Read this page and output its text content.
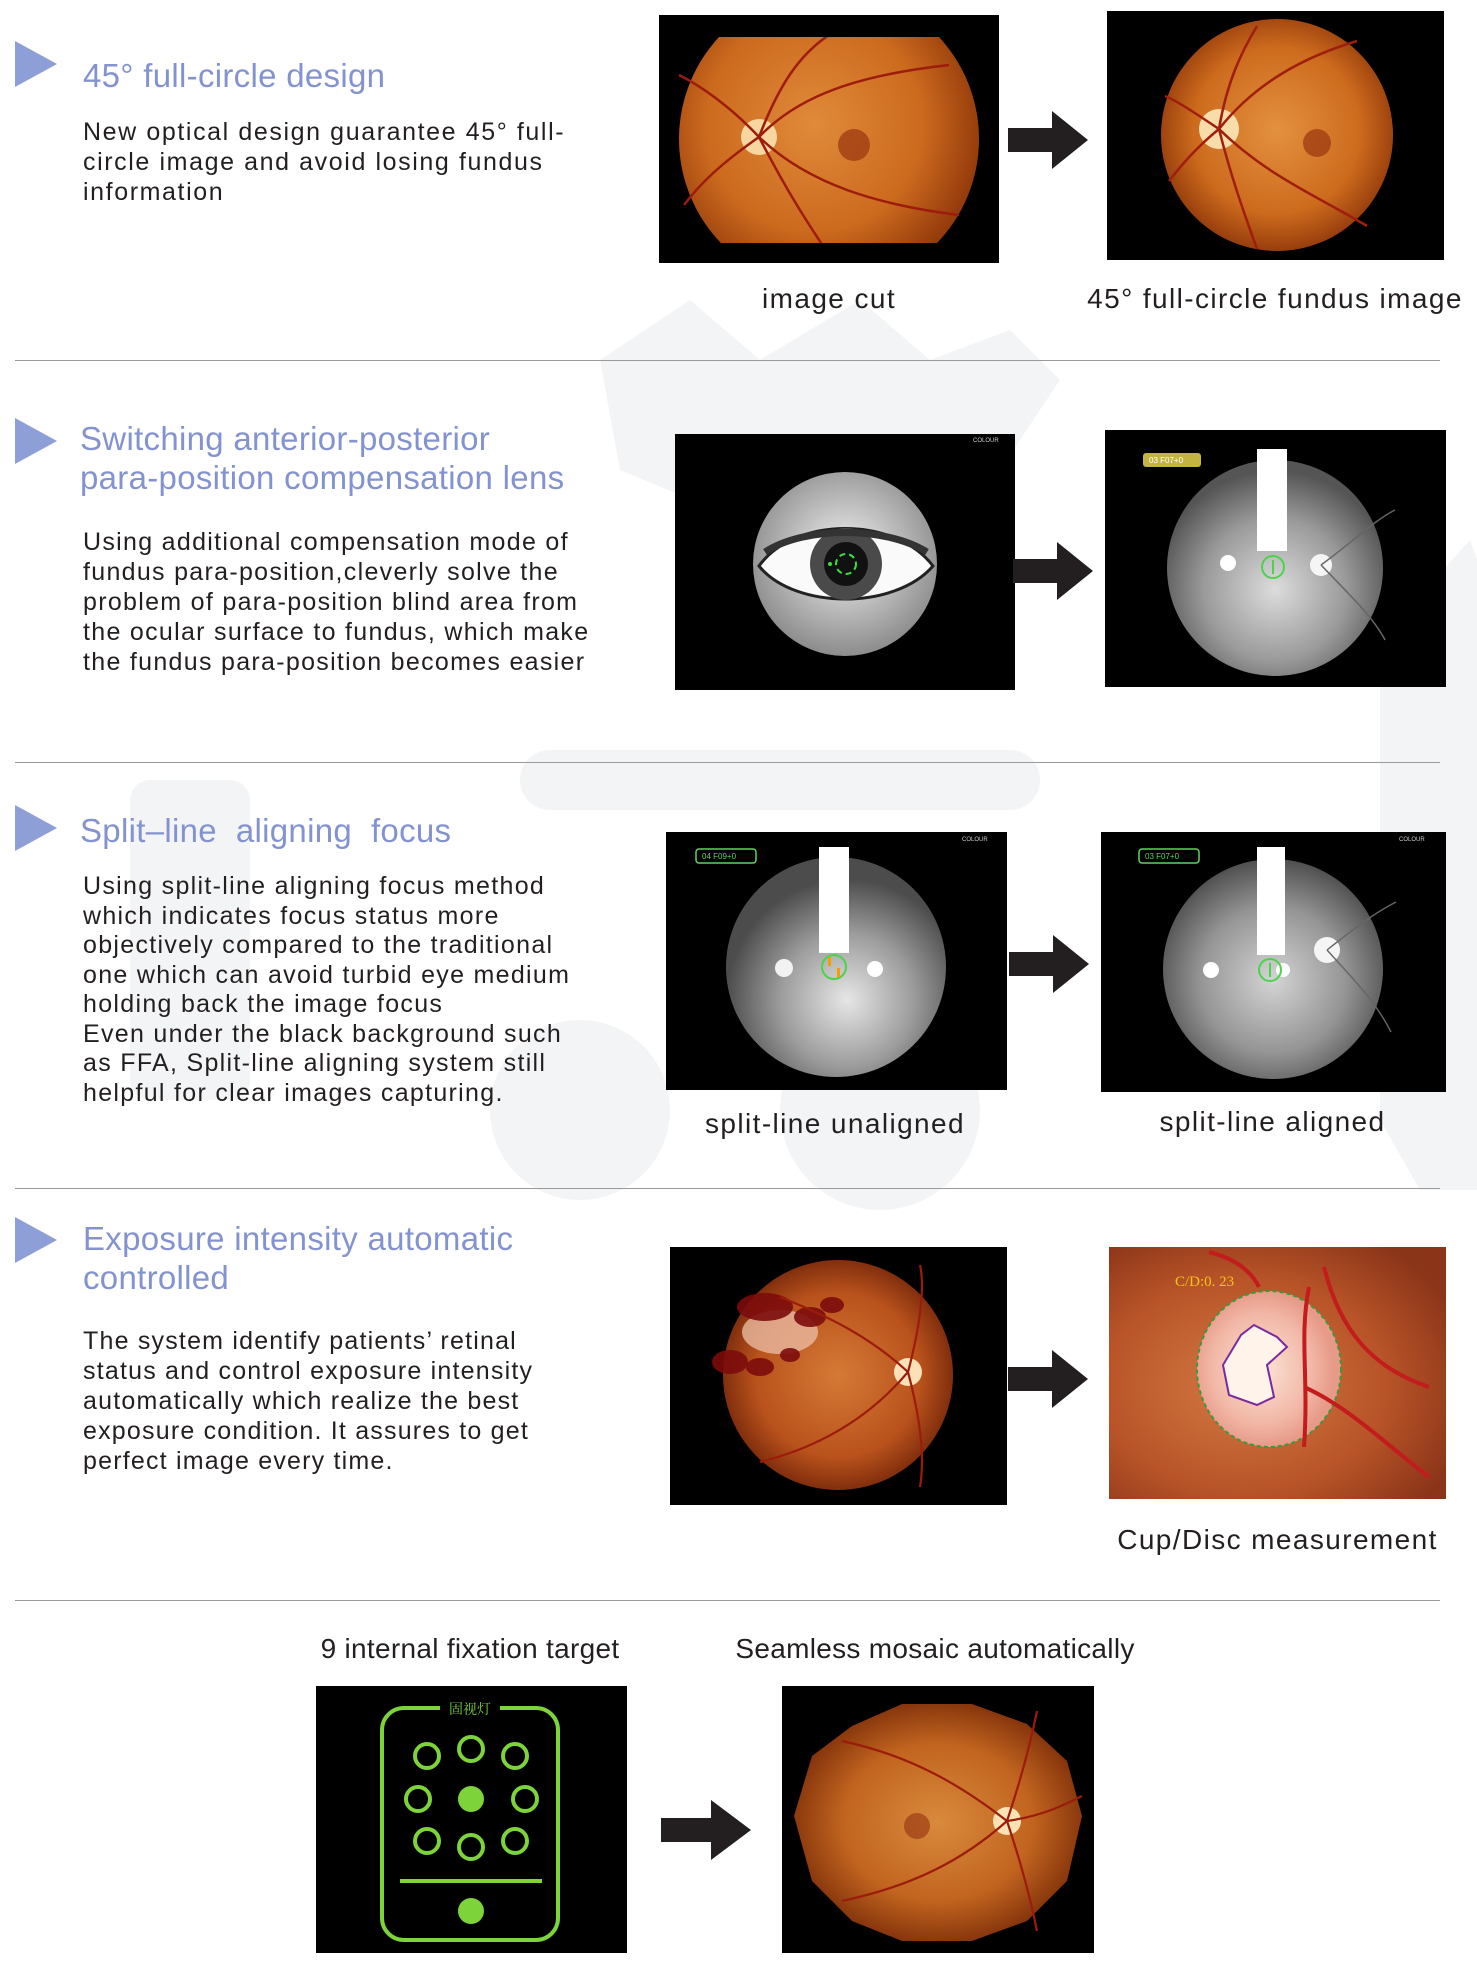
45° full-circle design
New optical design guarantee 45° full-
circle image and avoid losing fundus
information
image cut	45° full-circle fundus image
Switching anterior-posterior
para-position compensation lens
Using additional compensation mode of
fundus para-position,cleverly solve the
problem of para-position blind area from
the ocular surface to fundus, which make
the fundus para-position becomes easier
COLOUR
03 F07+0
Split–line  aligning  focus
Using split-line aligning focus method
which indicates focus status more
objectively compared to the traditional
one which can avoid turbid eye medium
holding back the image focus
Even under the black background such
as FFA, Split-line aligning system still
helpful for clear images capturing.
COLOUR
04 F09+0
COLOUR
03 F07+0
split-line unaligned	split-line aligned
Exposure intensity automatic
controlled
The system identify patients’ retinal
status and control exposure intensity
automatically which realize the best
exposure condition. It assures to get
perfect image every time.
C/D:0. 23
Cup/Disc measurement
9 internal fixation target	Seamless mosaic automatically
固视灯
